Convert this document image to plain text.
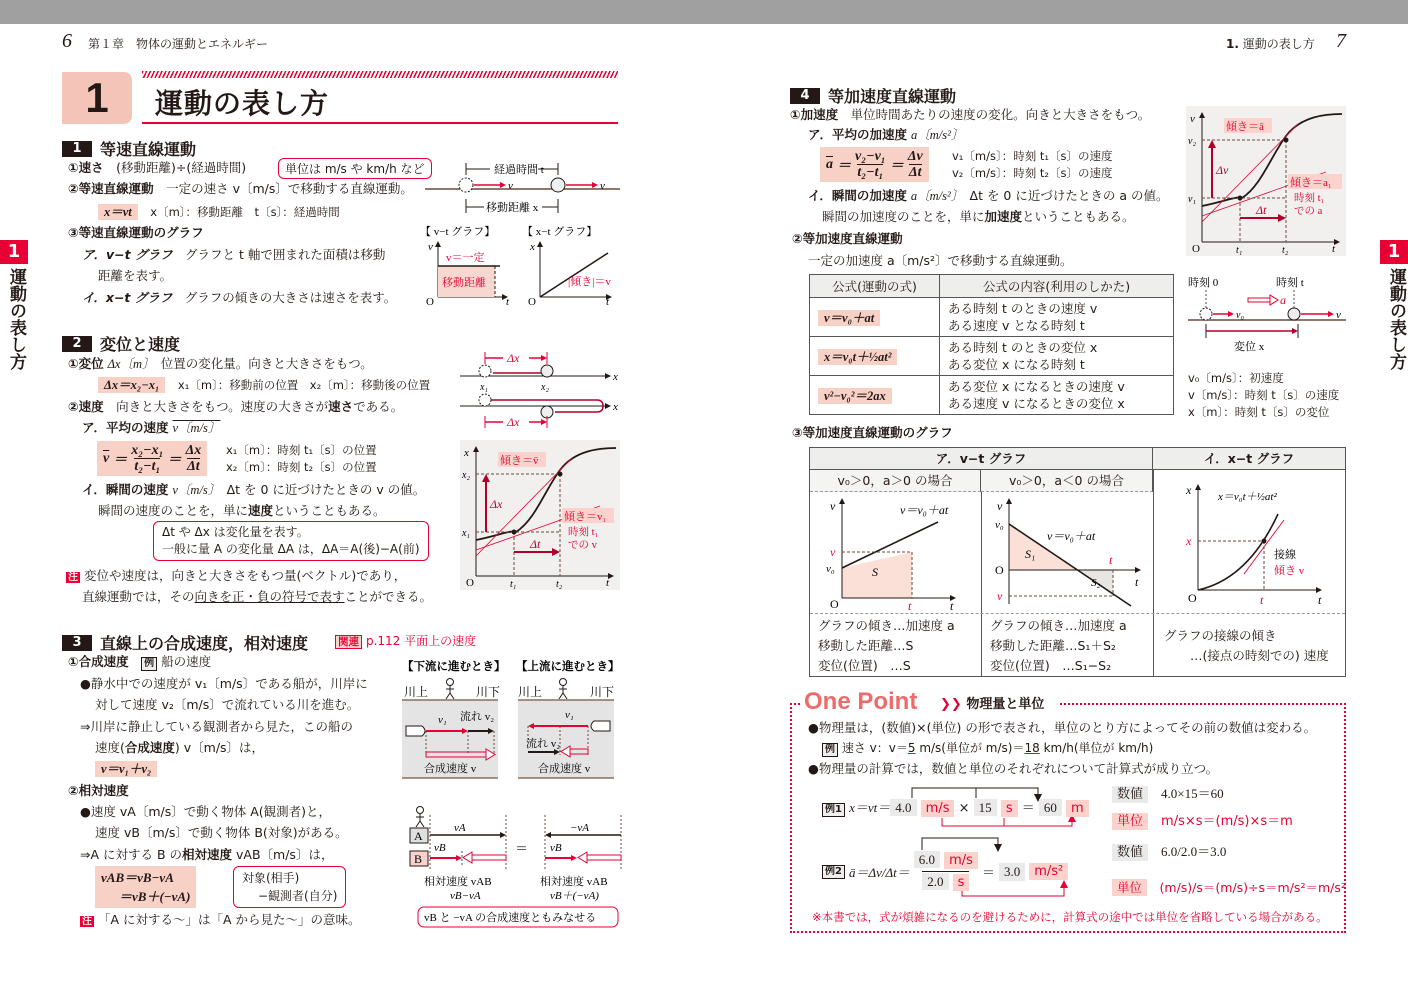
6 第１章　物体の運動とエネルギー	1. 運動の表し方 7
1	運動の表し方
1
運動の表し方
1
運動の表し方
1	等速直線運動
①速さ　 (移動距離)÷(経過時間)	単位は m/s や km/h など
②等速直線運動　 一定の速さ v〔m/s〕で移動する直線運動。
x＝vt　 x〔m〕：移動距離　t〔s〕：経過時間
③等速直線運動のグラフ
ア．v−t グラフ　 グラフと t 軸で囲まれた面積は移動
距離を表す。
イ．x−t グラフ　 グラフの傾きの大きさは速さを表す。
経過時間 t
v	v
移動距離 x
【 v−t グラフ】 【 x−t グラフ】
v
v＝一定
移動距離
O	t
x
|傾き|＝v
O	t
2	変位と速度
①変位 Δx〔m〕　 位置の変化量。向きと大きさをもつ。
Δx＝x₂−x₁　 x₁〔m〕：移動前の位置　x₂〔m〕：移動後の位置
②速度　 向きと大きさをもつ。速度の大きさが速さである。
ア．平均の速度 v〔m/s〕
$\overline{v} = \frac{\text{x₂−x₁}}{\text{t₂−t₁}} = \frac{\Delta x}{\Delta t} x_1$〔m〕：時刻 t₁〔s〕の位置
x₂〔m〕：時刻 t₂〔s〕の位置
イ．瞬間の速度 v〔m/s〕　 Δt を 0 に近づけたときの v の値。
瞬間の速度のことを，単に速度ということもある。
Δt や Δx は変化量を表す。
一般に量 A の変化量 ΔA は，ΔA＝A(後)−A(前)
注 変位や速度は，向きと大きさをもつ量(ベクトル)であり，
直線運動では，その向きを正・負の符号で表すことができる。
Δx
x
x₁	x₂
x
Δx
Δx
Δt
傾き＝v̄
傾き＝v₁
時刻 t₁
での v
x
x₂
x₁
O	t₁	t₂	t
3	直線上の合成速度，相対速度	関連 p.112 平面上の速度
①合成速度　 例 船の速度
●静水中での速度が v₁〔m/s〕である船が，川岸に
対して速度 v₂〔m/s〕で流れている川を進む。
⇒川岸に静止している観測者から見た，この船の
速度(合成速度) v〔m/s〕は，
v＝v₁＋v₂
②相対速度
●速度 vA〔m/s〕で動く物体 A(観測者)と，
速度 vB〔m/s〕で動く物体 B(対象)がある。
⇒A に対する B の相対速度 vAB〔m/s〕は，
vAB＝vB−vA
＝vB＋(−vA)
対象(相手)
−観測者(自分)
注 「A に対する〜」は「A から見た〜」の意味。
【下流に進むとき】 【上流に進むとき】
川上	川下 川上	川下
v₁ 流れ v₂
合成速度 v
v₁
流れ v₂
合成速度 v
A
B
vA
vB
相対速度 vAB
vB−vA
＝
−vA
vB
相対速度 vAB
vB＋(−vA)
vB と −vA の合成速度ともみなせる
4	等加速度直線運動
①加速度　 単位時間あたりの速度の変化。向きと大きさをもつ。
ア．平均の加速度 a〔m/s²〕
$\overline{a} = \frac{\text{v₂−v₁}}{\text{t₂−t₁}} = \frac{\Delta v}{\Delta t}$	v₁〔m/s〕：時刻 t₁〔s〕の速度
v₂〔m/s〕：時刻 t₂〔s〕の速度
イ．瞬間の加速度 a〔m/s²〕　 Δt を 0 に近づけたときの a の値。
瞬間の加速度のことを，単に加速度ということもある。
②等加速度直線運動
一定の加速度 a〔m/s²〕で移動する直線運動。
公式(運動の式)	公式の内容(利用のしかた)
v＝v₀＋at	ある時刻 t のときの速度 v
ある速度 v となる時刻 t

x＝v₀t＋½at²	ある時刻 t のときの変位 x
ある変位 x になる時刻 t

v²−v₀²＝2ax	ある変位 x になるときの速度 v
ある速度 v になるときの変位 x
③等加速度直線運動のグラフ
ア．v−t グラフ	イ．x−t グラフ
v₀＞0，a＞0 の場合	v₀＞0，a＜0 の場合
v	v＝v₀＋at
v
v₀	S
O	t	t
v
v₀
v＝v₀＋at
S₁
S₂
O
v
t
t
x x＝v₀t＋½at²
x
接線
傾き v
O	t	t
グラフの傾き…加速度 a
移動した距離…S
変位(位置)　…S
グラフの傾き…加速度 a
移動した距離…S₁＋S₂
変位(位置)　…S₁−S₂
グラフの接線の傾き
…(接点の時刻での) 速度
Δv
Δt
傾き＝ā
傾き＝a₁
時刻 t₁
での a
v
v₂
v₁
O	t₁	t₂	t
時刻 0	時刻 t
a
v₀	v
変位 x
v₀〔m/s〕：初速度
v〔m/s〕：時刻 t〔s〕の速度
x〔m〕：時刻 t〔s〕の変位
One Point ❯❯ 物理量と単位
●物理量は，(数値)×(単位) の形で表され，単位のとり方によってその前の数値は変わる。
例 速さ v：v＝5 m/s(単位が m/s)＝18 km/h(単位が km/h)
●物理量の計算では，数値と単位のそれぞれについて計算式が成り立つ。
例1 x＝vt＝ 4.0 m/s × 15 s ＝ 60 m
例2 ā＝Δv/Δt＝
6.0 m/s
2.0 s
＝ 3.0	m/s²
数値　 4.0×15＝60
単位　 m/s×s＝(m/s)×s＝m
数値　 6.0/2.0＝3.0
単位　 (m/s)/s＝(m/s)÷s＝m/s²＝m/s²
※本書では，式が煩雑になるのを避けるために，計算式の途中では単位を省略している場合がある。
